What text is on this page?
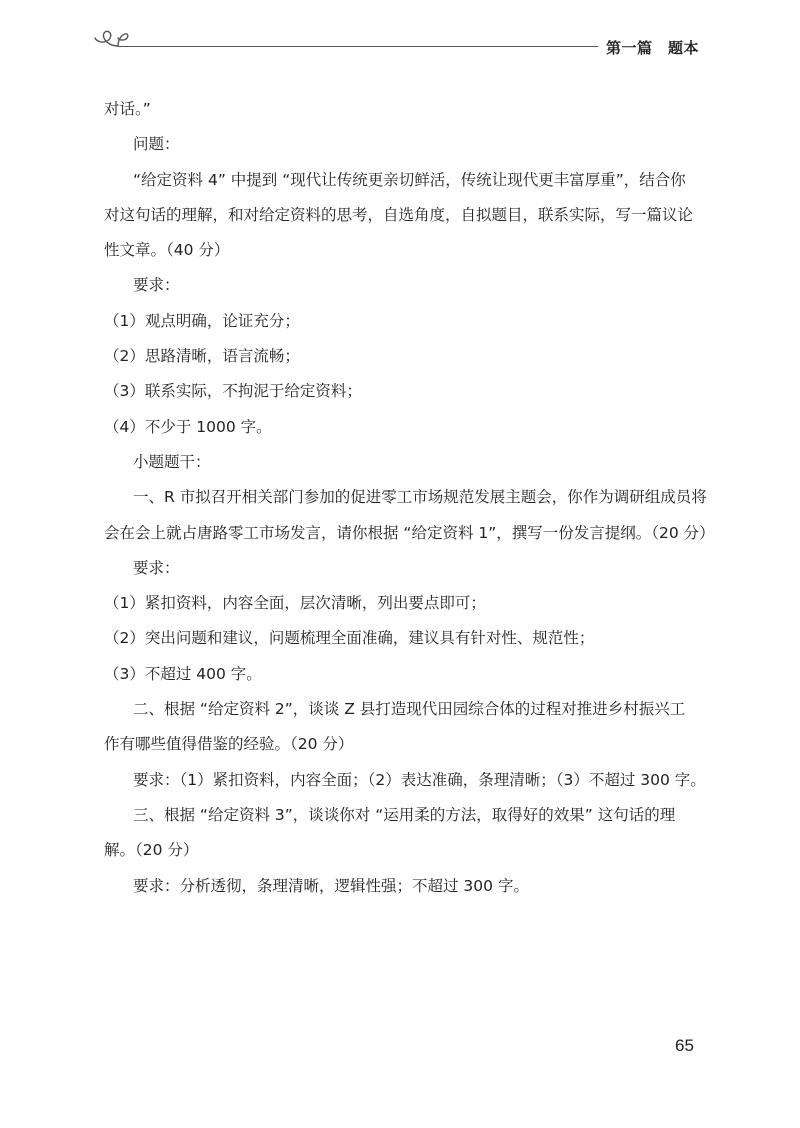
第一篇　题本

对话。”

问题：

“给定资料 4” 中提到 “现代让传统更亲切鲜活，传统让现代更丰富厚重”，结合你

对这句话的理解，和对给定资料的思考，自选角度，自拟题目，联系实际，写一篇议论

性文章。（40 分）

要求：

（1）观点明确，论证充分；

（2）思路清晰，语言流畅；

（3）联系实际，不拘泥于给定资料；

（4）不少于 1000 字。

小题题干：

一、R 市拟召开相关部门参加的促进零工市场规范发展主题会，你作为调研组成员将

会在会上就占唐路零工市场发言，请你根据 “给定资料 1”，撰写一份发言提纲。（20 分）

要求：

（1）紧扣资料，内容全面，层次清晰，列出要点即可；

（2）突出问题和建议，问题梳理全面准确，建议具有针对性、规范性；

（3）不超过 400 字。

二、根据 “给定资料 2”，谈谈 Z 县打造现代田园综合体的过程对推进乡村振兴工

作有哪些值得借鉴的经验。（20 分）

要求：（1）紧扣资料，内容全面；（2）表达准确，条理清晰；（3）不超过 300 字。

三、根据 “给定资料 3”，谈谈你对 “运用柔的方法，取得好的效果” 这句话的理

解。（20 分）

要求：分析透彻，条理清晰，逻辑性强；不超过 300 字。

65
